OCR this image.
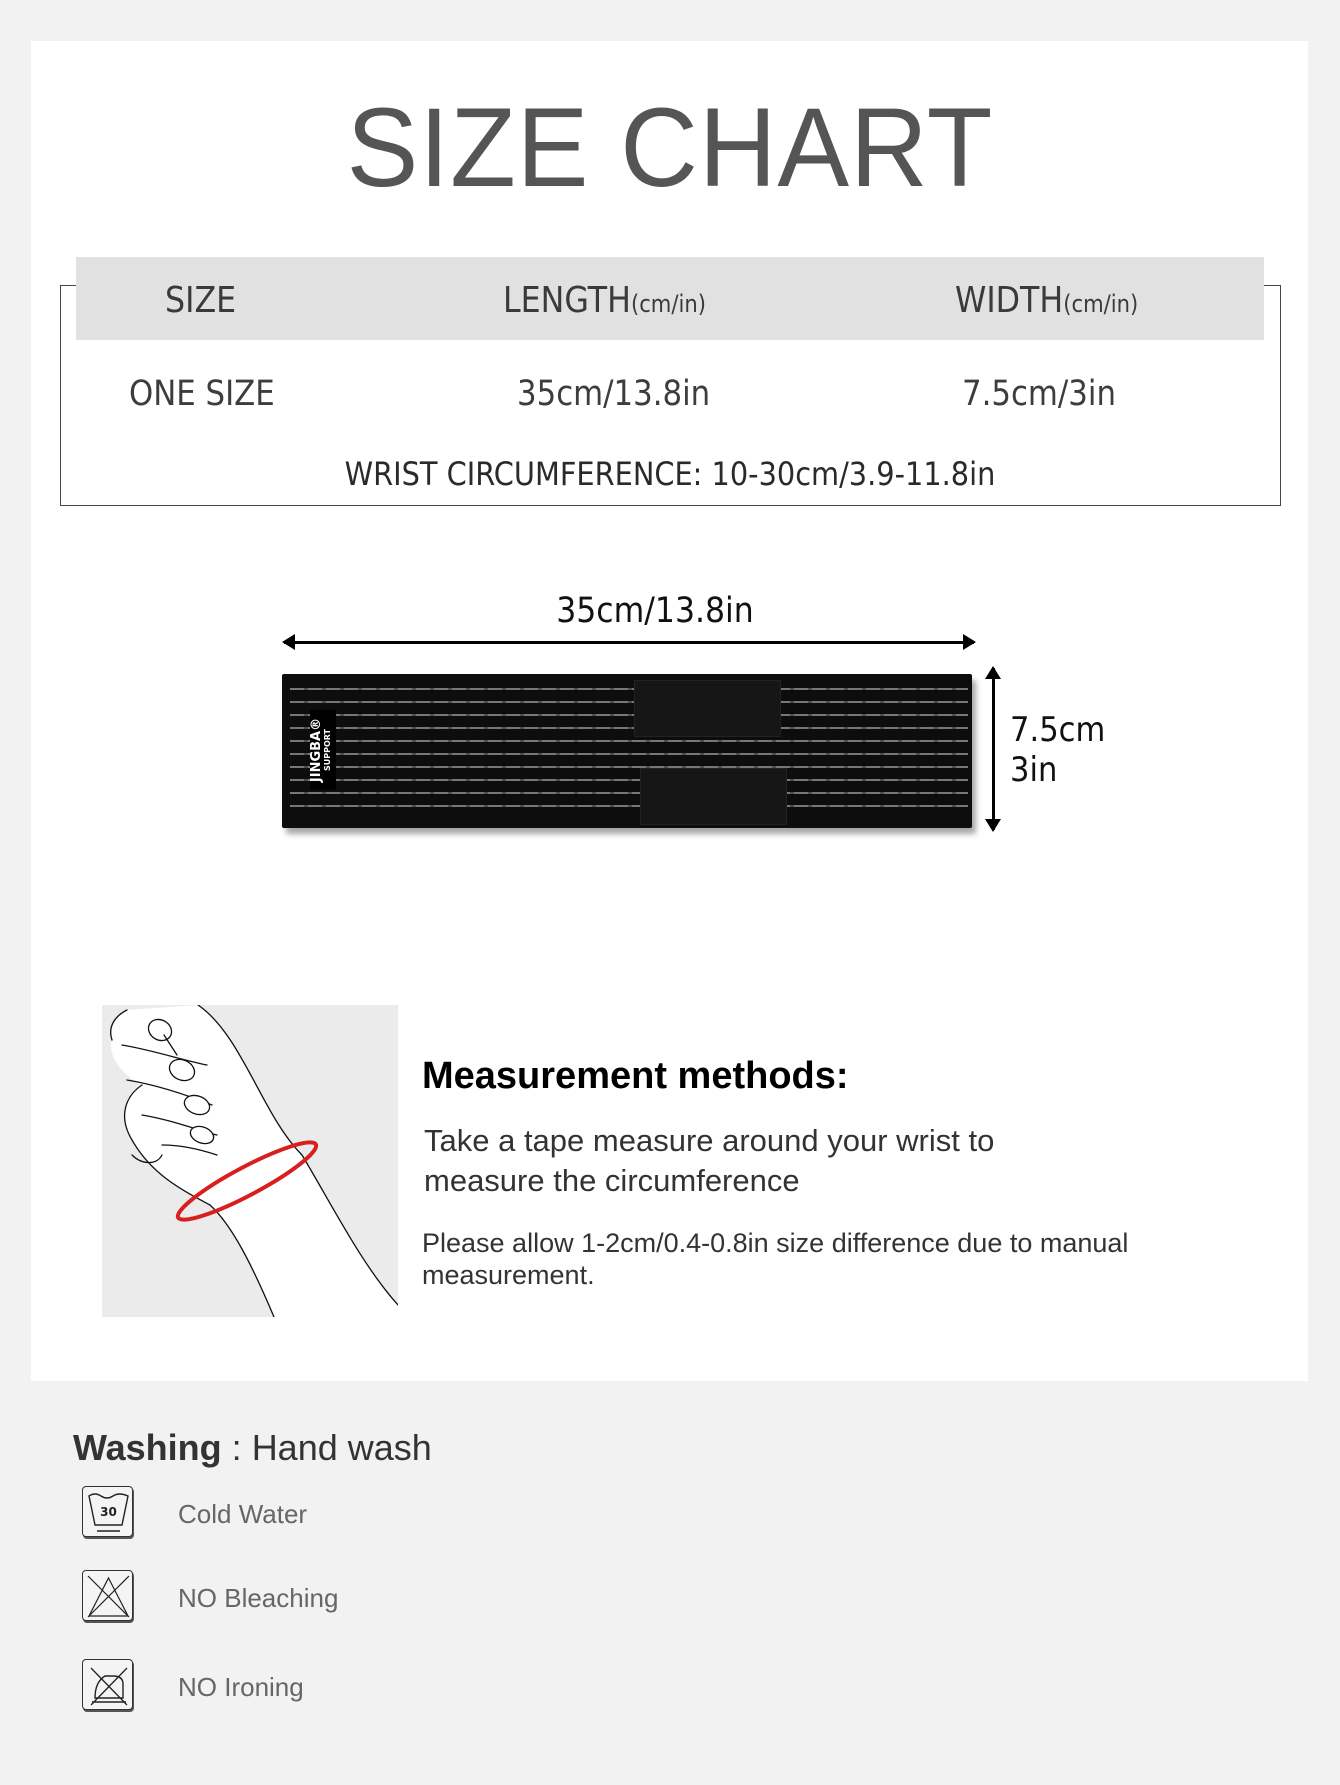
SIZE CHART
SIZE	LENGTH(cm/in)	WIDTH(cm/in)
ONE SIZE	35cm/13.8in	7.5cm/3in
WRIST CIRCUMFERENCE: 10-30cm/3.9-11.8in
35cm/13.8in
JINGBA®
SUPPORT	7.5cm
3in
Measurement methods:
Take a tape measure around your wrist to measure the circumference
Please allow 1-2cm/0.4-0.8in size difference due to manual measurement.
Washing : Hand wash
30 Cold Water
NO Bleaching
NO Ironing
